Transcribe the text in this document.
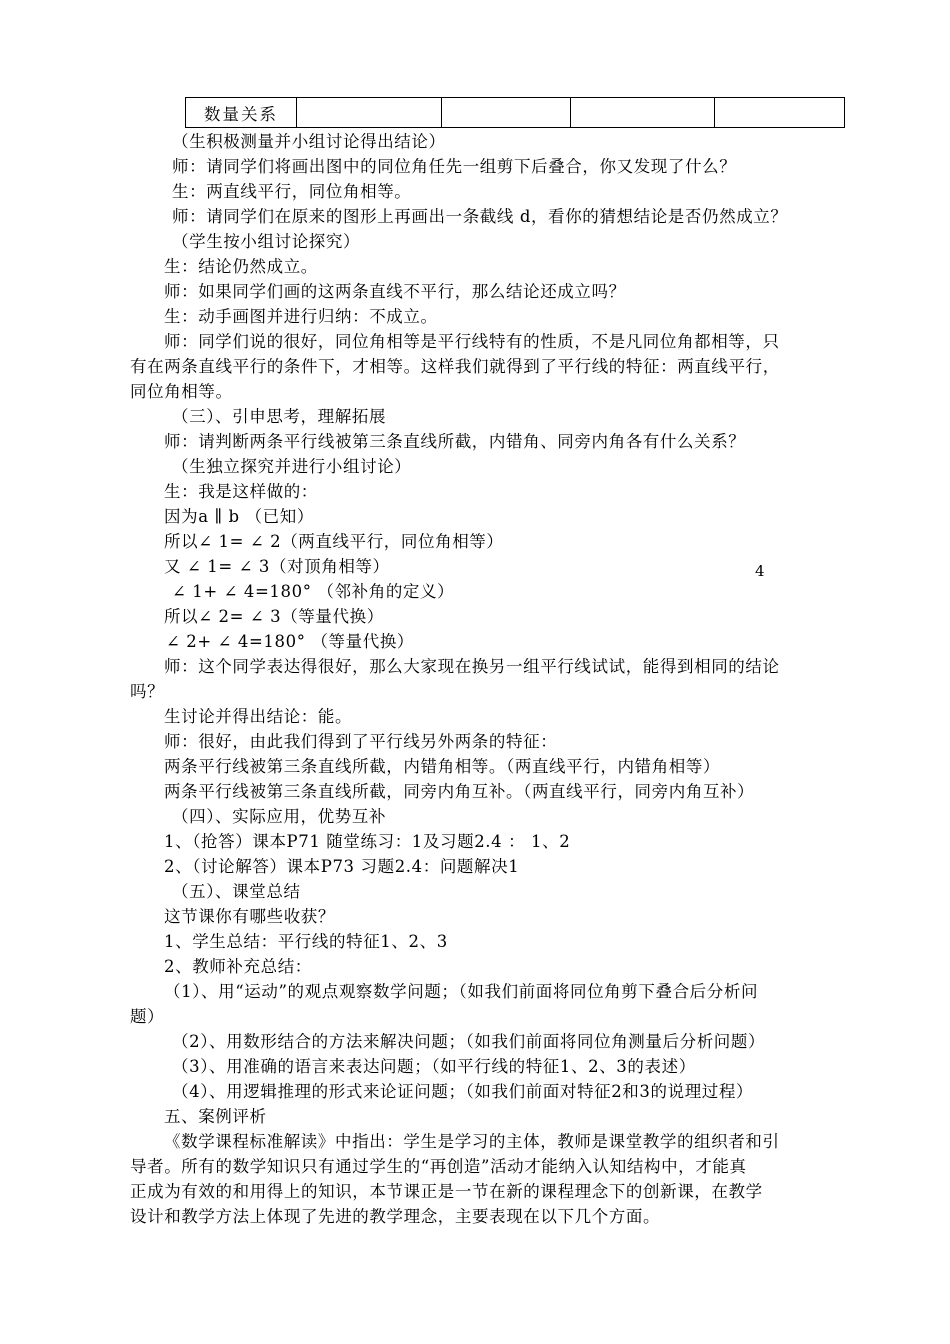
数量关系				
（生积极测量并小组讨论得出结论）
师：请同学们将画出图中的同位角任先一组剪下后叠合，你又发现了什么？
生：两直线平行，同位角相等。
师：请同学们在原来的图形上再画出一条截线 d，看你的猜想结论是否仍然成立？
（学生按小组讨论探究）
生：结论仍然成立。
师：如果同学们画的这两条直线不平行，那么结论还成立吗？
生：动手画图并进行归纳：不成立。
师：同学们说的很好，同位角相等是平行线特有的性质，不是凡同位角都相等，只
有在两条直线平行的条件下，才相等。这样我们就得到了平行线的特征：两直线平行，
同位角相等。
（三）、引申思考，理解拓展
师：请判断两条平行线被第三条直线所截，内错角、同旁内角各有什么关系？
（生独立探究并进行小组讨论）
生：我是这样做的：
因为a ∥ b （已知）
所以∠ 1= ∠ 2（两直线平行，同位角相等）
又 ∠ 1= ∠ 3（对顶角相等）
∠ 1+ ∠ 4=180° （邻补角的定义）
所以∠ 2= ∠ 3（等量代换）
∠ 2+ ∠ 4=180° （等量代换）
师：这个同学表达得很好，那么大家现在换另一组平行线试试，能得到相同的结论
吗？
生讨论并得出结论：能。
师：很好，由此我们得到了平行线另外两条的特征：
两条平行线被第三条直线所截，内错角相等。（两直线平行，内错角相等）
两条平行线被第三条直线所截，同旁内角互补。（两直线平行，同旁内角互补）
（四）、实际应用，优势互补
1、（抢答）课本P71 随堂练习：1及习题2.4 ： 1、2
2、（讨论解答）课本P73 习题2.4：问题解决1
（五）、课堂总结
这节课你有哪些收获？
1、学生总结：平行线的特征1、2、3
2、教师补充总结：
（1）、用“运动”的观点观察数学问题；（如我们前面将同位角剪下叠合后分析问
题）
（2）、用数形结合的方法来解决问题；（如我们前面将同位角测量后分析问题）
（3）、用准确的语言来表达问题；（如平行线的特征1、2、3的表述）
（4）、用逻辑推理的形式来论证问题；（如我们前面对特征2和3的说理过程）
五、案例评析
《数学课程标准解读》中指出：学生是学习的主体，教师是课堂教学的组织者和引
导者。所有的数学知识只有通过学生的“再创造”活动才能纳入认知结构中，才能真
正成为有效的和用得上的知识，本节课正是一节在新的课程理念下的创新课，在教学
设计和教学方法上体现了先进的教学理念，主要表现在以下几个方面。
4
